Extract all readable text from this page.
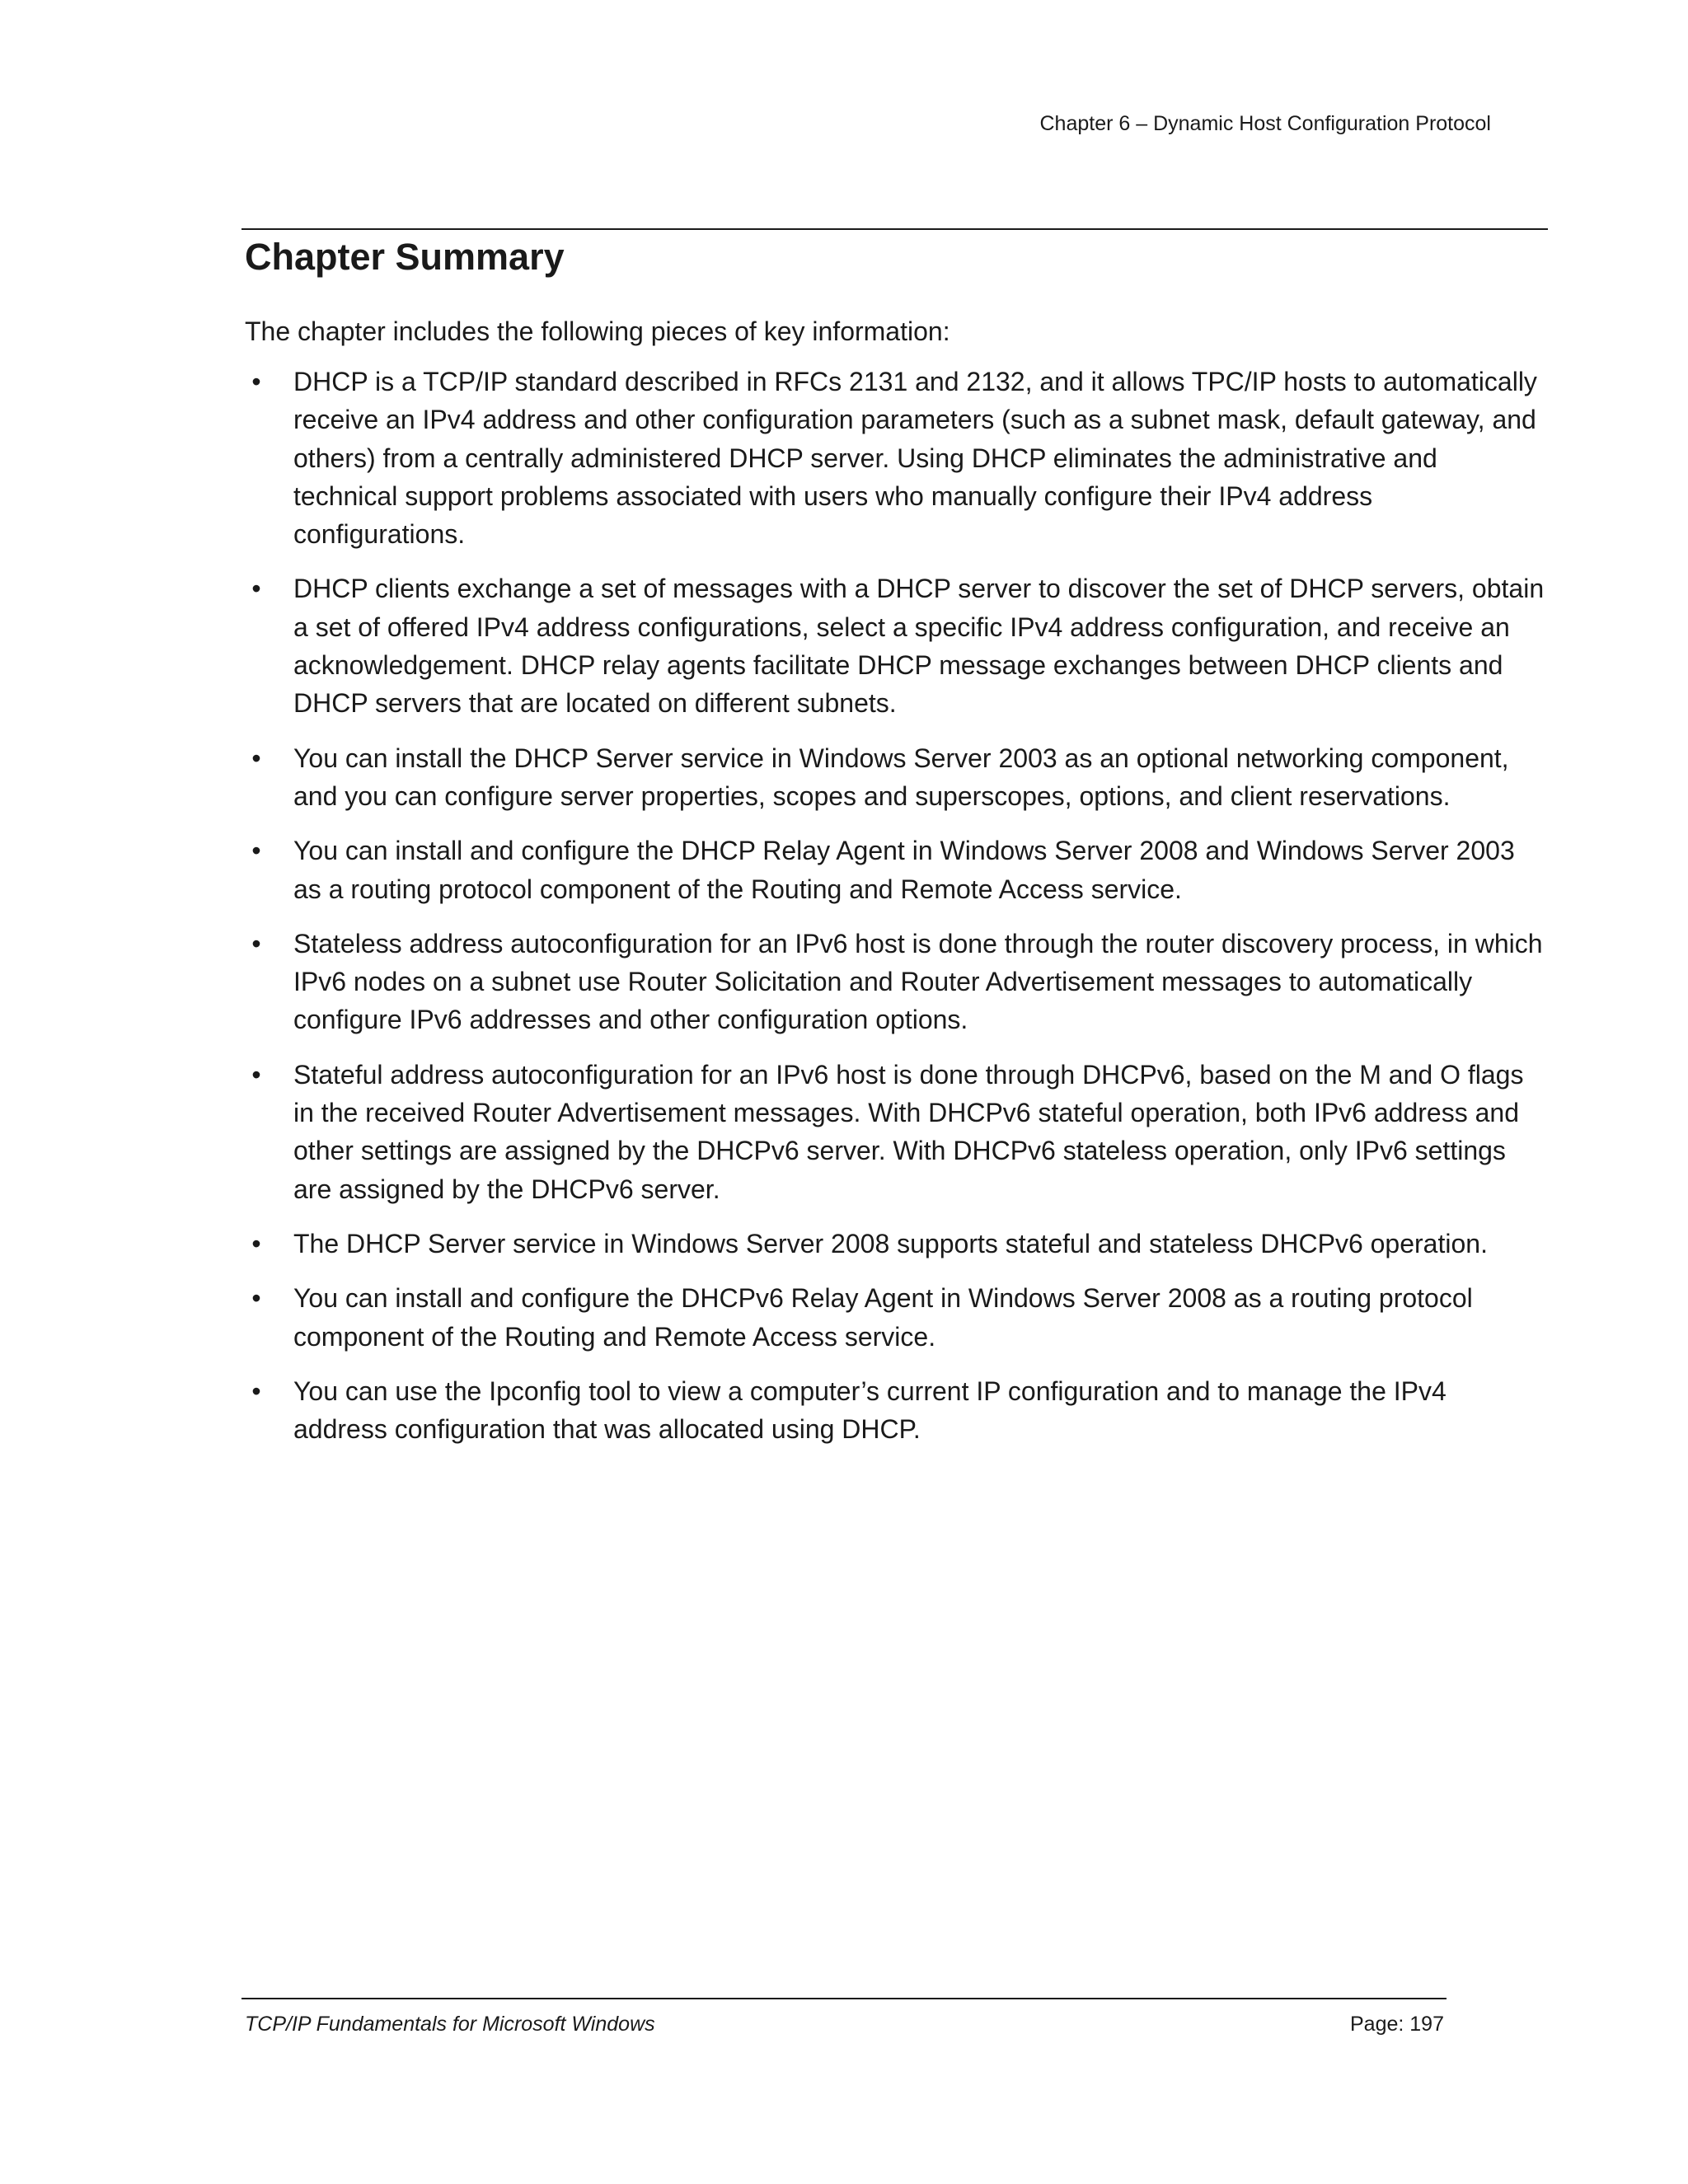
Chapter 6 – Dynamic Host Configuration Protocol
Chapter Summary

The chapter includes the following pieces of key information:

• DHCP is a TCP/IP standard described in RFCs 2131 and 2132, and it allows TPC/IP hosts to automatically receive an IPv4 address and other configuration parameters (such as a subnet mask, default gateway, and others) from a centrally administered DHCP server. Using DHCP eliminates the administrative and technical support problems associated with users who manually configure their IPv4 address configurations.
• DHCP clients exchange a set of messages with a DHCP server to discover the set of DHCP servers, obtain a set of offered IPv4 address configurations, select a specific IPv4 address configuration, and receive an acknowledgement. DHCP relay agents facilitate DHCP message exchanges between DHCP clients and DHCP servers that are located on different subnets.
• You can install the DHCP Server service in Windows Server 2003 as an optional networking component, and you can configure server properties, scopes and superscopes, options, and client reservations.
• You can install and configure the DHCP Relay Agent in Windows Server 2008 and Windows Server 2003 as a routing protocol component of the Routing and Remote Access service.
• Stateless address autoconfiguration for an IPv6 host is done through the router discovery process, in which IPv6 nodes on a subnet use Router Solicitation and Router Advertisement messages to automatically configure IPv6 addresses and other configuration options.
• Stateful address autoconfiguration for an IPv6 host is done through DHCPv6, based on the M and O flags in the received Router Advertisement messages. With DHCPv6 stateful operation, both IPv6 address and other settings are assigned by the DHCPv6 server. With DHCPv6 stateless operation, only IPv6 settings are assigned by the DHCPv6 server.
• The DHCP Server service in Windows Server 2008 supports stateful and stateless DHCPv6 operation.
• You can install and configure the DHCPv6 Relay Agent in Windows Server 2008 as a routing protocol component of the Routing and Remote Access service.
• You can use the Ipconfig tool to view a computer’s current IP configuration and to manage the IPv4 address configuration that was allocated using DHCP.
TCP/IP Fundamentals for Microsoft Windows	Page: 197
